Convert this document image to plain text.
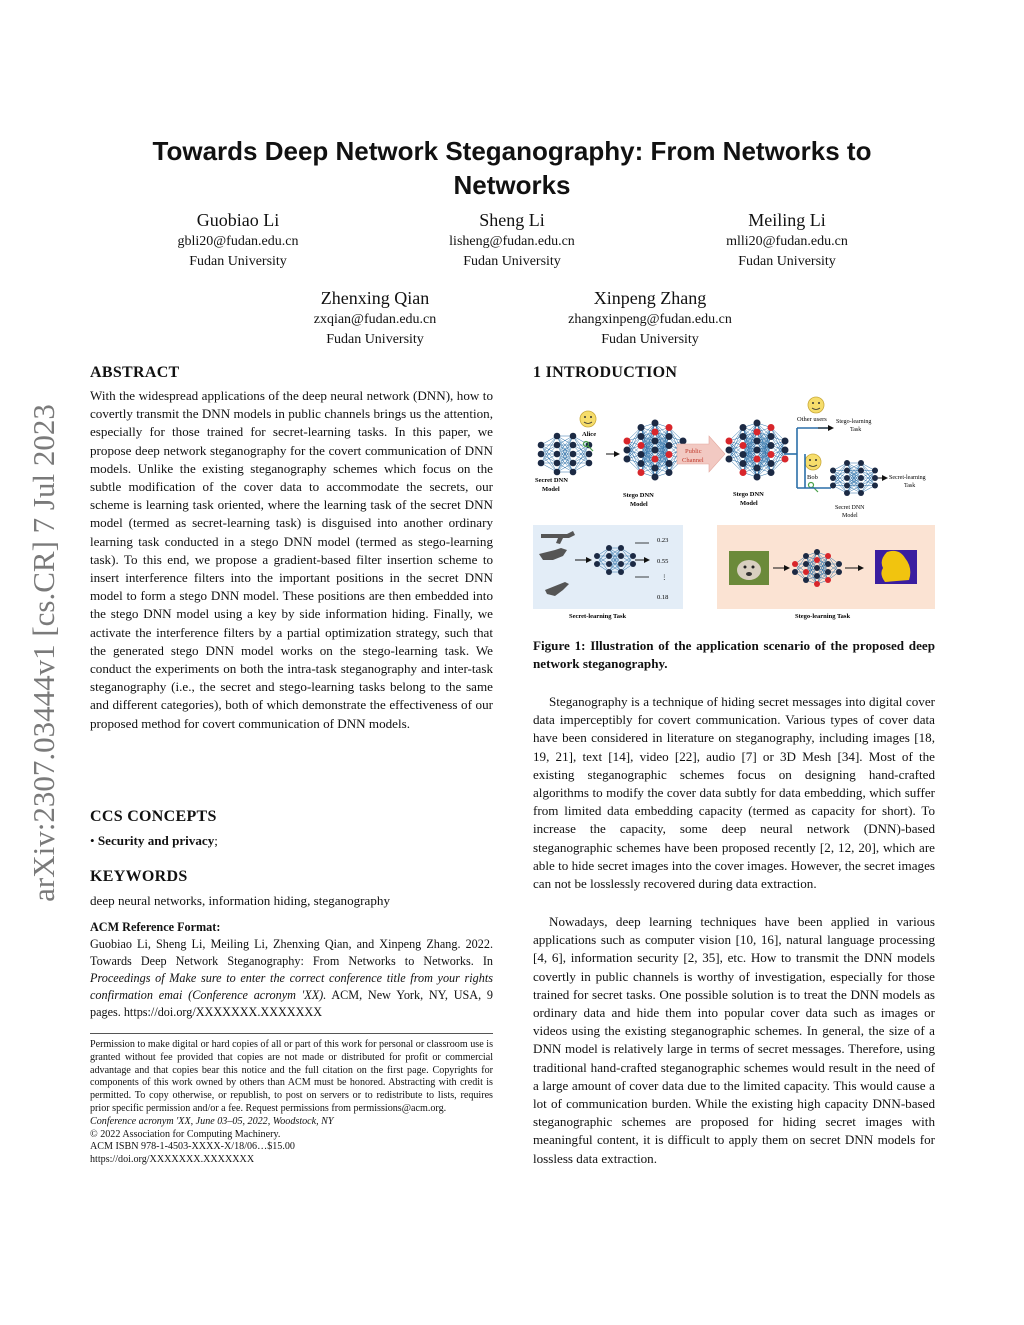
Towards Deep Network Steganography: From Networks to Networks
Guobiao Li
gbli20@fudan.edu.cn
Fudan University
Sheng Li
lisheng@fudan.edu.cn
Fudan University
Meiling Li
mlli20@fudan.edu.cn
Fudan University
Zhenxing Qian
zxqian@fudan.edu.cn
Fudan University
Xinpeng Zhang
zhangxinpeng@fudan.edu.cn
Fudan University
arXiv:2307.03444v1 [cs.CR] 7 Jul 2023
ABSTRACT

With the widespread applications of the deep neural network (DNN), how to covertly transmit the DNN models in public channels brings us the attention, especially for those trained for secret-learning tasks. In this paper, we propose deep network steganography for the covert communication of DNN models. Unlike the existing steganography schemes which focus on the subtle modification of the cover data to accommodate the secrets, our scheme is learning task oriented, where the learning task of the secret DNN model (termed as secret-learning task) is disguised into another ordinary learning task conducted in a stego DNN model (termed as stego-learning task). To this end, we propose a gradient-based filter insertion scheme to insert interference filters into the important positions in the secret DNN model to form a stego DNN model. These positions are then embedded into the stego DNN model using a key by side information hiding. Finally, we activate the interference filters by a partial optimization strategy, such that the generated stego DNN model works on the stego-learning task. We conduct the experiments on both the intra-task steganography and inter-task steganography (i.e., the secret and stego-learning tasks belong to the same and different categories), both of which demonstrate the effectiveness of our proposed method for covert communication of DNN models.

CCS CONCEPTS

• Security and privacy;

KEYWORDS

deep neural networks, information hiding, steganography

ACM Reference Format:

Guobiao Li, Sheng Li, Meiling Li, Zhenxing Qian, and Xinpeng Zhang. 2022. Towards Deep Network Steganography: From Networks to Networks. In Proceedings of Make sure to enter the correct conference title from your rights confirmation emai (Conference acronym 'XX). ACM, New York, NY, USA, 9 pages. https://doi.org/XXXXXXX.XXXXXXX

Permission to make digital or hard copies of all or part of this work for personal or classroom use is granted without fee provided that copies are not made or distributed for profit or commercial advantage and that copies bear this notice and the full citation on the first page. Copyrights for components of this work owned by others than ACM must be honored. Abstracting with credit is permitted. To copy otherwise, or republish, to post on servers or to redistribute to lists, requires prior specific permission and/or a fee. Request permissions from permissions@acm.org.

Conference acronym 'XX, June 03–05, 2022, Woodstock, NY

© 2022 Association for Computing Machinery.

ACM ISBN 978-1-4503-XXXX-X/18/06…$15.00

https://doi.org/XXXXXXX.XXXXXXX

1 INTRODUCTION
Alice
Other users
Bob
Public
Channel
Secret DNN
Model
Stego DNN
Model
Stego DNN
Model
Secret DNN
Model
Stego-learning
Task
Secret-learning
Task
0.23
0.55
⋮
0.18
Secret-learning Task	Stego-learning Task

Figure 1: Illustration of the application scenario of the proposed deep network steganography.

Steganography is a technique of hiding secret messages into digital cover data imperceptibly for covert communication. Various types of cover data have been considered in literature on steganography, including images [18, 19, 21], text [14], video [22], audio [7] or 3D Mesh [34]. Most of the existing steganographic schemes focus on designing hand-crafted algorithms to modify the cover data subtly for data embedding, which suffer from limited data embedding capacity (termed as capacity for short). To increase the capacity, some deep neural network (DNN)-based steganographic schemes have been proposed recently [2, 12, 20], which are able to hide secret images into the cover images. However, the secret images can not be losslessly recovered during data extraction.

Nowadays, deep learning techniques have been applied in various applications such as computer vision [10, 16], natural language processing [4, 6], information security [2, 35], etc. How to transmit the DNN models covertly in public channels is worthy of investigation, especially for those trained for secret tasks. One possible solution is to treat the DNN models as ordinary data and hide them into popular cover data such as images or videos using the existing steganographic schemes. In general, the size of a DNN model is relatively large in terms of secret messages. Therefore, using traditional hand-crafted steganographic schemes would result in the need of a large amount of cover data due to the limited capacity. This would cause a lot of communication burden. While the existing high capacity DNN-based steganographic schemes are proposed for hiding secret images with meaningful content, it is difficult to apply them on secret DNN models for lossless data extraction.
